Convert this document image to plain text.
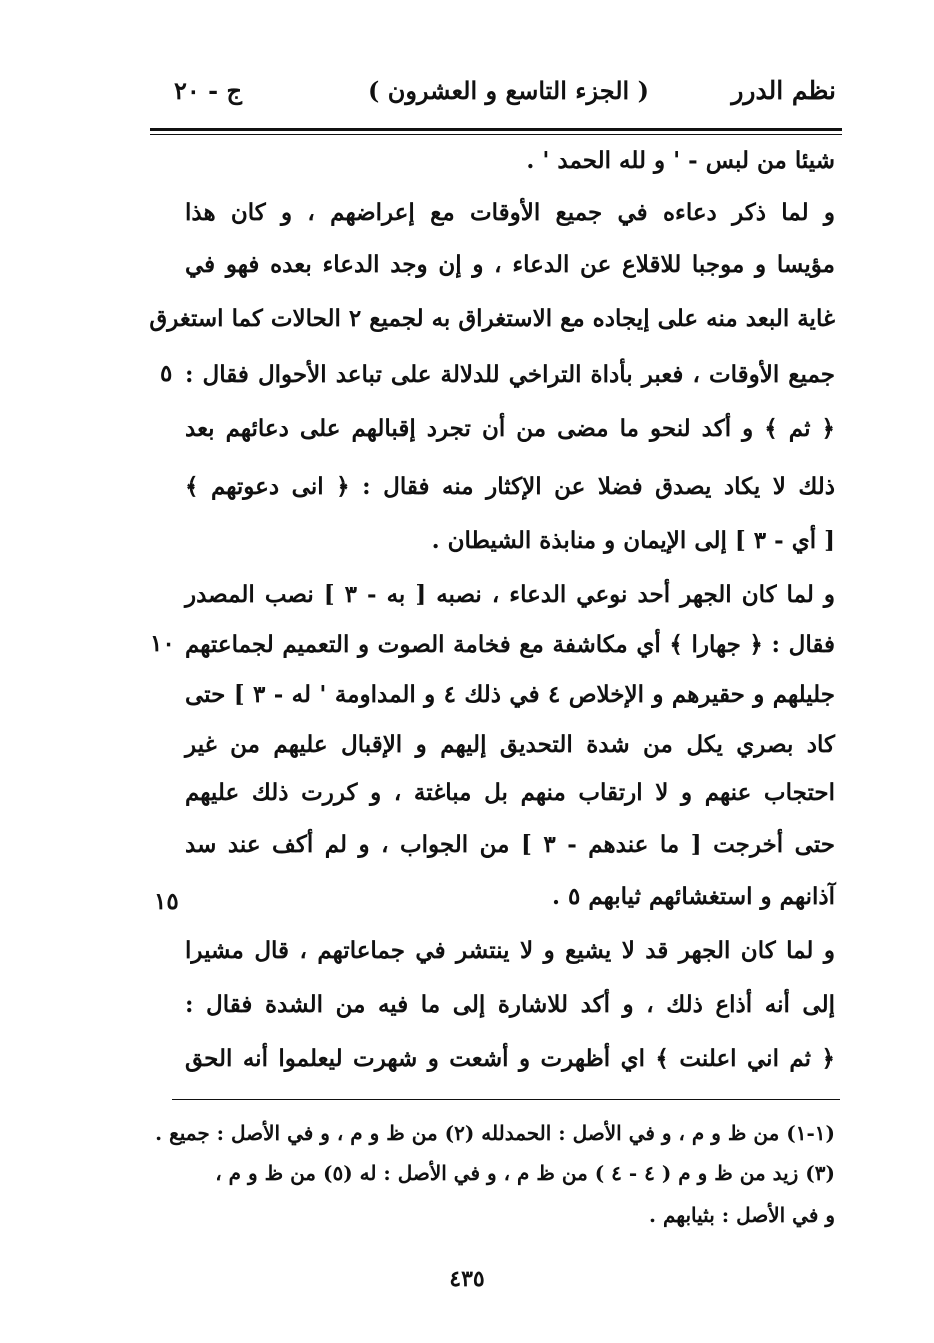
نظم الدرر
( الجزء التاسع و العشرون )
ج - ٢٠
شيئا من لبس - ' و لله الحمد ' .
و لما ذكر دعاءه في جميع الأوقات مع إعراضهم ، و كان هذا
مؤيسا و موجبا للاقلاع عن الدعاء ، و إن وجد الدعاء بعده فهو في
غاية البعد منه على إيجاده مع الاستغراق به لجميع ٢ الحالات كما استغرق
جميع الأوقات ، فعبر بأداة التراخي للدلالة على تباعد الأحوال فقال :
﴿ ثم ﴾ و أكد لنحو ما مضى من أن تجرد إقبالهم على دعائهم بعد
ذلك لا يكاد يصدق فضلا عن الإكثار منه فقال : ﴿ انى دعوتهم ﴾
[ أي - ٣ ] إلى الإيمان و منابذة الشيطان .
و لما كان الجهر أحد نوعي الدعاء ، نصبه [ به - ٣ ] نصب المصدر
فقال : ﴿ جهارا ﴾ أي مكاشفة مع فخامة الصوت و التعميم لجماعتهم
جليلهم و حقيرهم و الإخلاص ٤ في ذلك ٤ و المداومة ' له - ٣ ] حتى
كاد بصري يكل من شدة التحديق إليهم و الإقبال عليهم من غير
احتجاب عنهم و لا ارتقاب منهم بل مباغتة ، و كررت ذلك عليهم
حتى أخرجت [ ما عندهم - ٣ ] من الجواب ، و لم أكف عند سد
آذانهم و استغشائهم ثيابهم ٥ .
و لما كان الجهر قد لا يشيع و لا ينتشر في جماعاتهم ، قال مشيرا
إلى أنه أذاع ذلك ، و أكد للاشارة إلى ما فيه من الشدة فقال :
﴿ ثم اني اعلنت ﴾ اي أظهرت و أشعت و شهرت ليعلموا أنه الحق
٥
١٠
١٥
(١-١) من ظ و م ، و في الأصل : الحمدلله (٢) من ظ و م ، و في الأصل : جميع .
(٣) زيد من ظ و م ( ٤ - ٤ ) من ظ م ، و في الأصل : له (٥) من ظ و م ،
و في الأصل : بثيابهم .
٤٣٥
